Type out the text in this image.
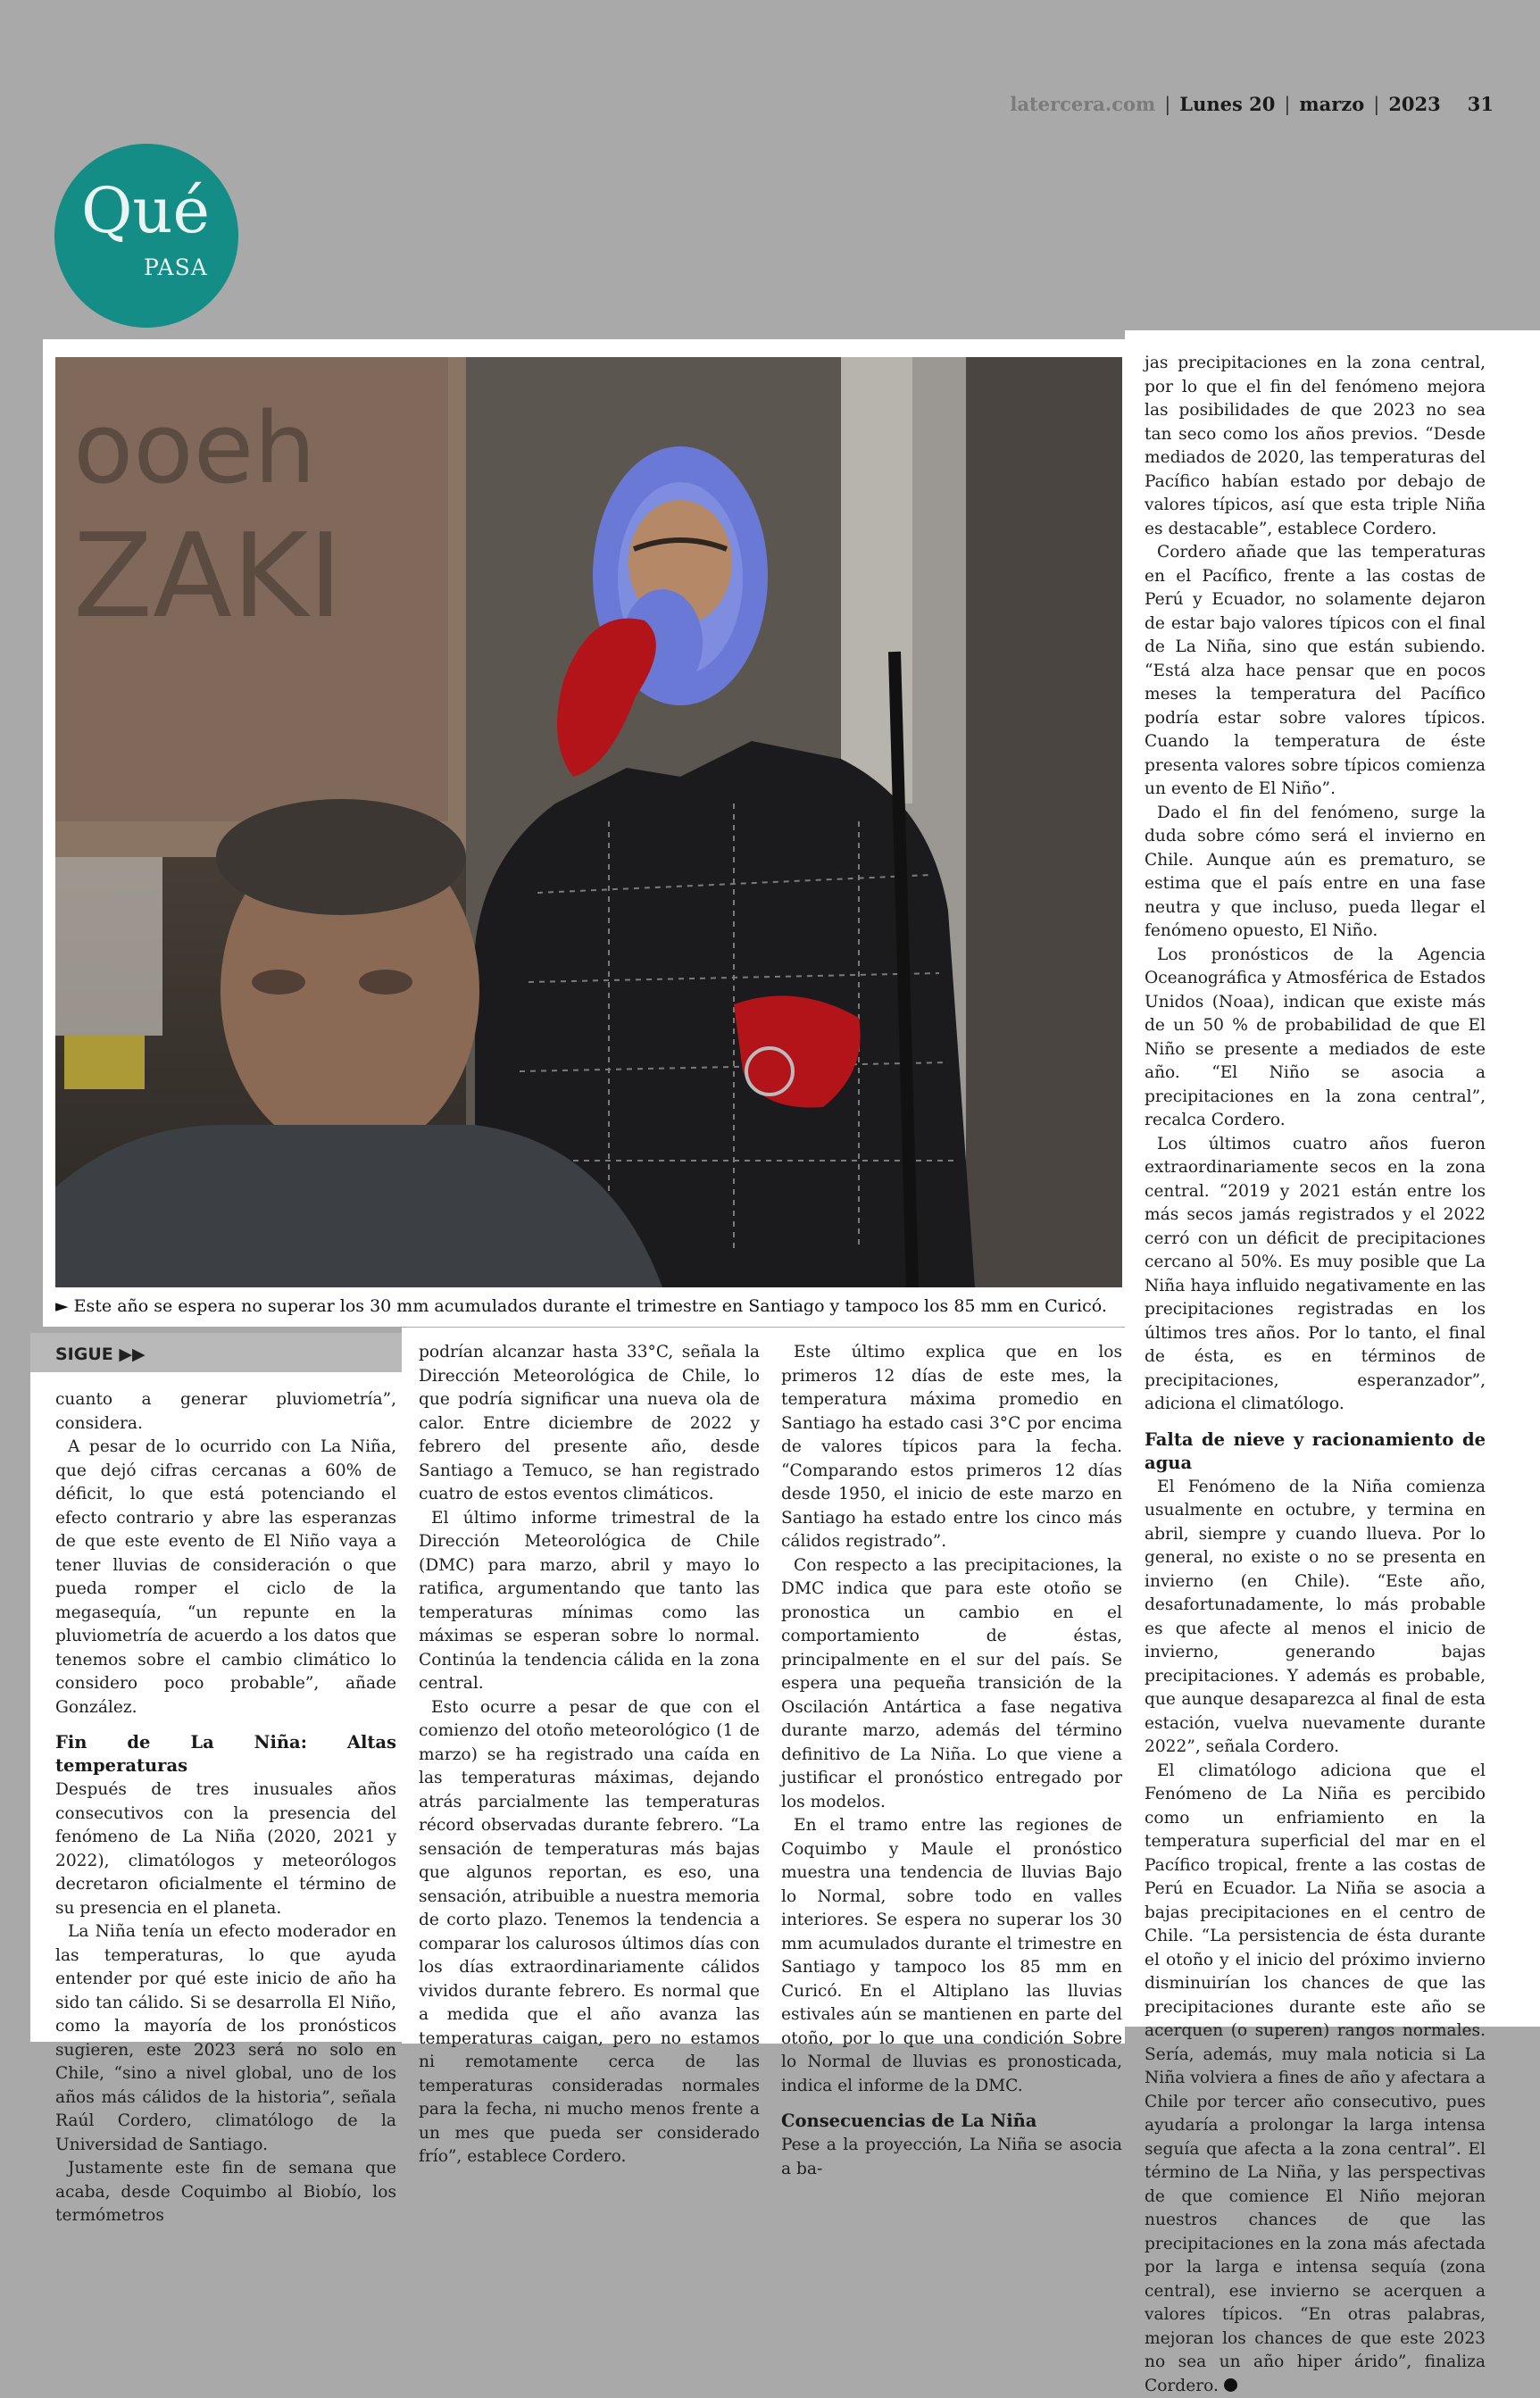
latercera.com | Lunes 20 | marzo | 2023 31
Qué
PASA
ooeh
ZAKI
► Este año se espera no superar los 30 mm acumulados durante el trimestre en Santiago y tampoco los 85 mm en Curicó.
SIGUE ▶▶

cuanto a generar pluviometría”, considera.

A pesar de lo ocurrido con La Niña, que dejó cifras cercanas a 60% de déficit, lo que está potenciando el efecto contrario y abre las esperanzas de que este evento de El Niño vaya a tener lluvias de consideración o que pueda romper el ciclo de la megasequía, “un repunte en la pluviometría de acuerdo a los datos que tenemos sobre el cambio climático lo considero poco probable”, añade González.

Fin de La Niña: Altas temperaturas

Después de tres inusuales años consecutivos con la presencia del fenómeno de La Niña (2020, 2021 y 2022), climatólogos y meteorólogos decretaron oficialmente el término de su presencia en el planeta.

La Niña tenía un efecto moderador en las temperaturas, lo que ayuda entender por qué este inicio de año ha sido tan cálido. Si se desarrolla El Niño, como la mayoría de los pronósticos sugieren, este 2023 será no solo en Chile, “sino a nivel global, uno de los años más cálidos de la historia”, señala Raúl Cordero, climatólogo de la Universidad de Santiago.

Justamente este fin de semana que acaba, desde Coquimbo al Biobío, los termómetros

podrían alcanzar hasta 33°C, señala la Dirección Meteorológica de Chile, lo que podría significar una nueva ola de calor. Entre diciembre de 2022 y febrero del presente año, desde Santiago a Temuco, se han registrado cuatro de estos eventos climáticos.

El último informe trimestral de la Dirección Meteorológica de Chile (DMC) para marzo, abril y mayo lo ratifica, argumentando que tanto las temperaturas mínimas como las máximas se esperan sobre lo normal. Continúa la tendencia cálida en la zona central.

Esto ocurre a pesar de que con el comienzo del otoño meteorológico (1 de marzo) se ha registrado una caída en las temperaturas máximas, dejando atrás parcialmente las temperaturas récord observadas durante febrero. “La sensación de temperaturas más bajas que algunos reportan, es eso, una sensación, atribuible a nuestra memoria de corto plazo. Tenemos la tendencia a comparar los calurosos últimos días con los días extraordinariamente cálidos vividos durante febrero. Es normal que a medida que el año avanza las temperaturas caigan, pero no estamos ni remotamente cerca de las temperaturas consideradas normales para la fecha, ni mucho menos frente a un mes que pueda ser considerado frío”, establece Cordero.

Este último explica que en los primeros 12 días de este mes, la temperatura máxima promedio en Santiago ha estado casi 3°C por encima de valores típicos para la fecha. “Comparando estos primeros 12 días desde 1950, el inicio de este marzo en Santiago ha estado entre los cinco más cálidos registrado”.

Con respecto a las precipitaciones, la DMC indica que para este otoño se pronostica un cambio en el comportamiento de éstas, principalmente en el sur del país. Se espera una pequeña transición de la Oscilación Antártica a fase negativa durante marzo, además del término definitivo de La Niña. Lo que viene a justificar el pronóstico entregado por los modelos.

En el tramo entre las regiones de Coquimbo y Maule el pronóstico muestra una tendencia de lluvias Bajo lo Normal, sobre todo en valles interiores. Se espera no superar los 30 mm acumulados durante el trimestre en Santiago y tampoco los 85 mm en Curicó. En el Altiplano las lluvias estivales aún se mantienen en parte del otoño, por lo que una condición Sobre lo Normal de lluvias es pronosticada, indica el informe de la DMC.

Consecuencias de La Niña

Pese a la proyección, La Niña se asocia a ba-

jas precipitaciones en la zona central, por lo que el fin del fenómeno mejora las posibilidades de que 2023 no sea tan seco como los años previos. “Desde mediados de 2020, las temperaturas del Pacífico habían estado por debajo de valores típicos, así que esta triple Niña es destacable”, establece Cordero.

Cordero añade que las temperaturas en el Pacífico, frente a las costas de Perú y Ecuador, no solamente dejaron de estar bajo valores típicos con el final de La Niña, sino que están subiendo. “Está alza hace pensar que en pocos meses la temperatura del Pacífico podría estar sobre valores típicos. Cuando la temperatura de éste presenta valores sobre típicos comienza un evento de El Niño”.

Dado el fin del fenómeno, surge la duda sobre cómo será el invierno en Chile. Aunque aún es prematuro, se estima que el país entre en una fase neutra y que incluso, pueda llegar el fenómeno opuesto, El Niño.

Los pronósticos de la Agencia Oceanográfica y Atmosférica de Estados Unidos (Noaa), indican que existe más de un 50 % de probabilidad de que El Niño se presente a mediados de este año. “El Niño se asocia a precipitaciones en la zona central”, recalca Cordero.

Los últimos cuatro años fueron extraordinariamente secos en la zona central. “2019 y 2021 están entre los más secos jamás registrados y el 2022 cerró con un déficit de precipitaciones cercano al 50%. Es muy posible que La Niña haya influido negativamente en las precipitaciones registradas en los últimos tres años. Por lo tanto, el final de ésta, es en términos de precipitaciones, esperanzador”, adiciona el climatólogo.

Falta de nieve y racionamiento de agua

El Fenómeno de la Niña comienza usualmente en octubre, y termina en abril, siempre y cuando llueva. Por lo general, no existe o no se presenta en invierno (en Chile). “Este año, desafortunadamente, lo más probable es que afecte al menos el inicio de invierno, generando bajas precipitaciones. Y además es probable, que aunque desaparezca al final de esta estación, vuelva nuevamente durante 2022”, señala Cordero.

El climatólogo adiciona que el Fenómeno de La Niña es percibido como un enfriamiento en la temperatura superficial del mar en el Pacífico tropical, frente a las costas de Perú en Ecuador. La Niña se asocia a bajas precipitaciones en el centro de Chile. “La persistencia de ésta durante el otoño y el inicio del próximo invierno disminuirían los chances de que las precipitaciones durante este año se acerquen (o superen) rangos normales. Sería, además, muy mala noticia si La Niña volviera a fines de año y afectara a Chile por tercer año consecutivo, pues ayudaría a prolongar la larga intensa seguía que afecta a la zona central”. El término de La Niña, y las perspectivas de que comience El Niño mejoran nuestros chances de que las precipitaciones en la zona más afectada por la larga e intensa sequía (zona central), ese invierno se acerquen a valores típicos. “En otras palabras, mejoran los chances de que este 2023 no sea un año hiper árido”, finaliza Cordero.
